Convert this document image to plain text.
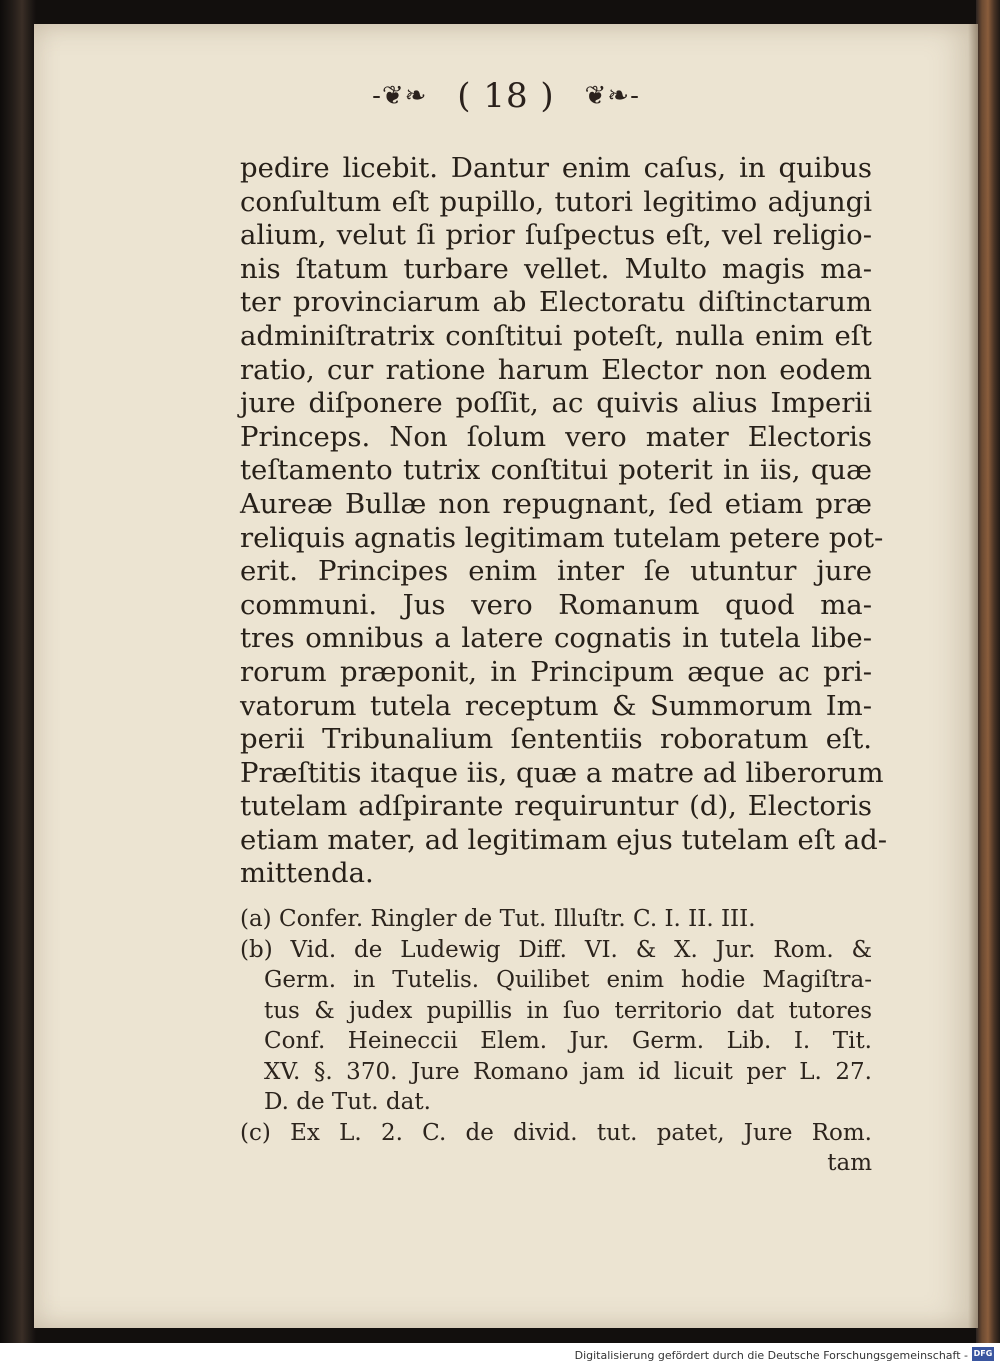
-❦❧ ( 18 ) ❦❧-
pedire licebit. Dantur enim caſus, in quibus
conſultum eſt pupillo, tutori legitimo adjungi
alium, velut ſi prior ſuſpectus eſt, vel religio-
nis ſtatum turbare vellet. Multo magis ma-
ter provinciarum ab Electoratu diſtinctarum
adminiſtratrix conſtitui poteſt, nulla enim eſt
ratio, cur ratione harum Elector non eodem
jure diſponere poſſit, ac quivis alius Imperii
Princeps. Non ſolum vero mater Electoris
teſtamento tutrix conſtitui poterit in iis, quæ
Aureæ Bullæ non repugnant, ſed etiam præ
reliquis agnatis legitimam tutelam petere pot-
erit. Principes enim inter ſe utuntur jure
communi. Jus vero Romanum quod ma-
tres omnibus a latere cognatis in tutela libe-
rorum præponit, in Principum æque ac pri-
vatorum tutela receptum & Summorum Im-
perii Tribunalium ſententiis roboratum eſt.
Præſtitis itaque iis, quæ a matre ad liberorum
tutelam adſpirante requiruntur (d), Electoris
etiam mater, ad legitimam ejus tutelam eſt ad-
mittenda.
(a) Confer. Ringler de Tut. Illuſtr. C. I. II. III.
(b) Vid. de Ludewig Diff. VI. & X. Jur. Rom. &
Germ. in Tutelis. Quilibet enim hodie Magiſtra-
tus & judex pupillis in ſuo territorio dat tutores
Conf. Heineccii Elem. Jur. Germ. Lib. I. Tit.
XV. §. 370. Jure Romano jam id licuit per L. 27.
D. de Tut. dat.
(c) Ex L. 2. C. de divid. tut. patet, Jure Rom.
tam
Digitalisierung gefördert durch die Deutsche Forschungsgemeinschaft - DFG
